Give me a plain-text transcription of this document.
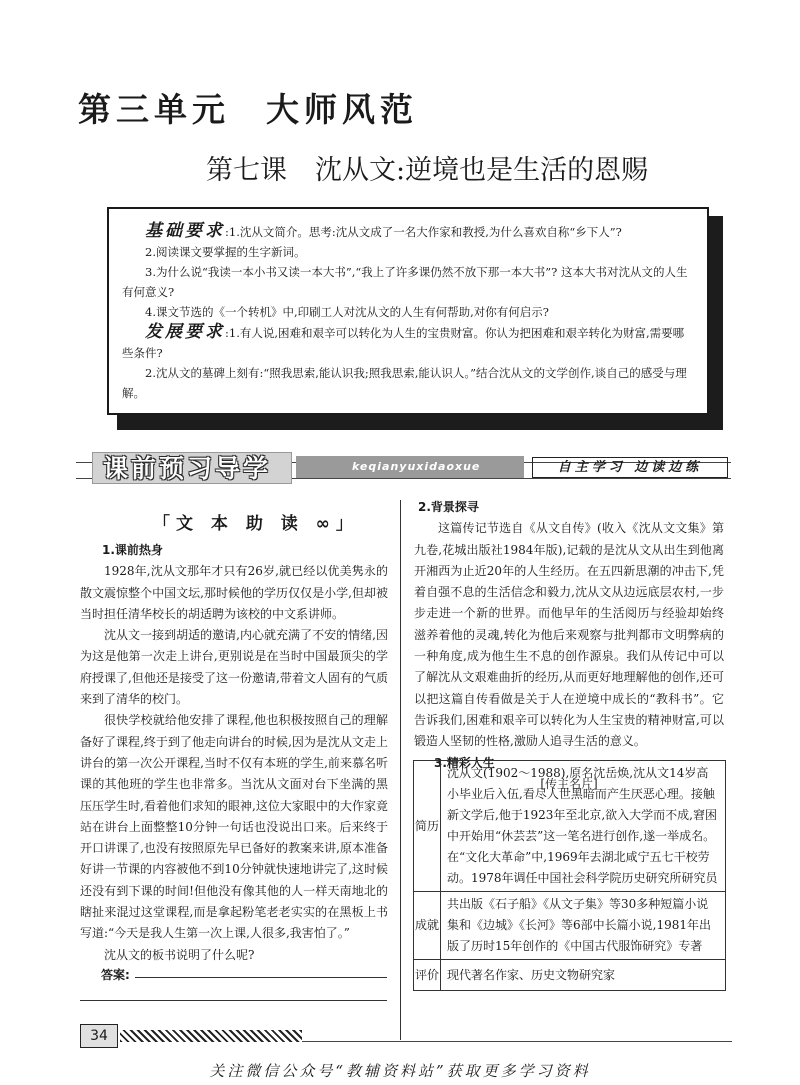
第三单元 大师风范
第七课 沈从文:逆境也是生活的恩赐

基础要求:1.沈从文简介。思考:沈从文成了一名大作家和教授,为什么喜欢自称“乡下人”?

2.阅读课文要掌握的生字新词。

3.为什么说“我读一本小书又读一本大书”,“我上了许多课仍然不放下那一本大书”? 这本大书对沈从文的人生有何意义?

4.课文节选的《一个转机》中,印刷工人对沈从文的人生有何帮助,对你有何启示?

发展要求:1.有人说,困难和艰辛可以转化为人生的宝贵财富。你认为把困难和艰辛转化为财富,需要哪些条件?

2.沈从文的墓碑上刻有:“照我思索,能认识我;照我思索,能认识人。”结合沈从文的文学创作,谈自己的感受与理解。

课前预习导学	keqianyuxidaoxue	自主学习 边读边练
「文 本 助 读 ∞」

1.课前热身

1928年,沈从文那年才只有26岁,就已经以优美隽永的散文震惊整个中国文坛,那时候他的学历仅仅是小学,但却被当时担任清华校长的胡适聘为该校的中文系讲师。

沈从文一接到胡适的邀请,内心就充满了不安的情绪,因为这是他第一次走上讲台,更别说是在当时中国最顶尖的学府授课了,但他还是接受了这一份邀请,带着文人固有的气质来到了清华的校门。

很快学校就给他安排了课程,他也积极按照自己的理解备好了课程,终于到了他走向讲台的时候,因为是沈从文走上讲台的第一次公开课程,当时不仅有本班的学生,前来慕名听课的其他班的学生也非常多。当沈从文面对台下坐满的黑压压学生时,看着他们求知的眼神,这位大家眼中的大作家竟站在讲台上面整整10分钟一句话也没说出口来。后来终于开口讲课了,也没有按照原先早已备好的教案来讲,原本准备好讲一节课的内容被他不到10分钟就快速地讲完了,这时候还没有到下课的时间!但他没有像其他的人一样天南地北的瞎扯来混过这堂课程,而是拿起粉笔老老实实的在黑板上书写道:“今天是我人生第一次上课,人很多,我害怕了。”

沈从文的板书说明了什么呢?

答案:

2.背景探寻

这篇传记节选自《从文自传》(收入《沈从文文集》第九卷,花城出版社1984年版),记载的是沈从文从出生到他离开湘西为止近20年的人生经历。在五四新思潮的冲击下,凭着自强不息的生活信念和毅力,沈从文从边远底层农村,一步步走进一个新的世界。而他早年的生活阅历与经验却始终滋养着他的灵魂,转化为他后来观察与批判都市文明弊病的一种角度,成为他生生不息的创作源泉。我们从传记中可以了解沈从文艰难曲折的经历,从而更好地理解他的创作,还可以把这篇自传看做是关于人在逆境中成长的“教科书”。它告诉我们,困难和艰辛可以转化为人生宝贵的精神财富,可以锻造人坚韧的性格,激励人追寻生活的意义。

3.精彩人生

[传主名片]

简历	沈从文(1902～1988),原名沈岳焕,沈从文14岁高小毕业后入伍,看尽人世黑暗而产生厌恶心理。接触新文学后,他于1923年至北京,欲入大学而不成,窘困中开始用“休芸芸”这一笔名进行创作,遂一举成名。在“文化大革命”中,1969年去湖北咸宁五七干校劳动。1978年调任中国社会科学院历史研究所研究员
成就	共出版《石子船》《从文子集》等30多种短篇小说集和《边城》《长河》等6部中长篇小说,1981年出版了历时15年创作的《中国古代服饰研究》专著
评价	现代著名作家、历史文物研究家
34
关注微信公众号“教辅资料站”获取更多学习资料
